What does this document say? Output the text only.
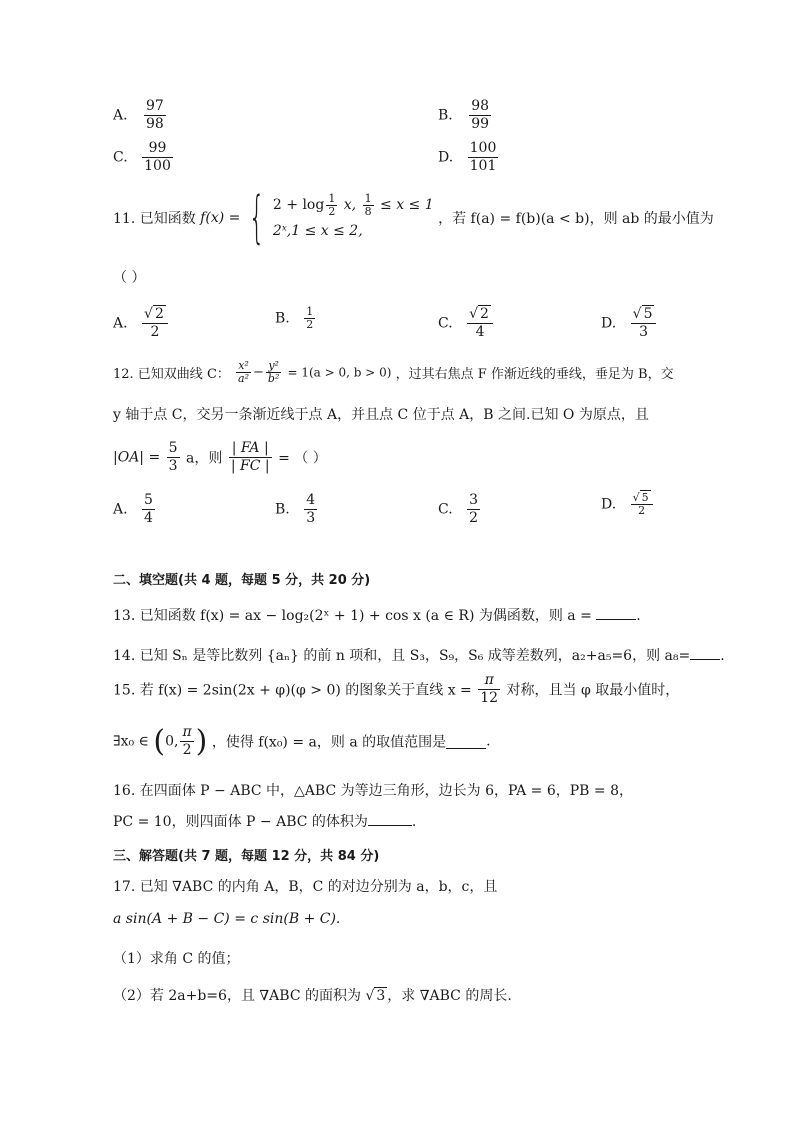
A. $\frac{97}{98}$	B. $\frac{98}{99}$
C. $\frac{99}{100}$	D. $\frac{100}{101}$
11. 已知函数 f(x) = { $2 + \log \frac{1}{2} x$, $\frac{1}{8} \le x \le 1$
2ˣ,1 ≤ x ≤ 2,
，若 f(a) = f(b)(a < b)，则 ab 的最小值为
（ ）
A. $\frac{√ 2}{2}$	B. $\frac{1}{2}$	C. $\frac{√ 2}{4}$	D. $\frac{√ 5}{3}$
12. 已知双曲线 C： $\frac{\text{x²}}{\text{a²}} - \frac{\text{y²}}{\text{b²}} = 1(a > 0$, b > 0) ，过其右焦点 F 作渐近线的垂线，垂足为 B，交
y 轴于点 C，交另一条渐近线于点 A，并且点 C 位于点 A，B 之间.已知 O 为原点，且
$|OA| = \frac{5}{3}$ a，则 $\frac{| FA |}{| FC |}$ = （ ）
A. $\frac{5}{4}$	B. $\frac{4}{3}$	C. $\frac{3}{2}$	D. $\frac{√ 5}{2}$
二、填空题(共 4 题，每题 5 分，共 20 分)
13. 已知函数 f(x) = ax − log₂(2ˣ + 1) + cos x (a ∈ R) 为偶函数，则 a =	.
14. 已知 Sₙ 是等比数列 {aₙ} 的前 n 项和，且 S₃，S₉，S₆ 成等差数列，a₂+a₅=6，则 a₈= .
15. 若 f(x) = 2sin(2x + φ)(φ > 0) 的图象关于直线 $x = \frac{\pi}{12}$ 对称，且当 φ 取最小值时，
∃x₀ ∈ (0, $\frac{\pi}{2}$ ) ，使得 f(x₀) = a，则 a 的取值范围是	.
16. 在四面体 P − ABC 中，△ABC 为等边三角形，边长为 6，PA = 6，PB = 8，
PC = 10，则四面体 P − ABC 的体积为	.
三、解答题(共 7 题，每题 12 分，共 84 分)
17. 已知 ∇ABC 的内角 A，B，C 的对边分别为 a，b，c，且
a sin(A + B − C) = c sin(B + C).
（1）求角 C 的值；
（2）若 2a+b=6，且 ∇ABC 的面积为 √ 3 ，求 ∇ABC 的周长.
